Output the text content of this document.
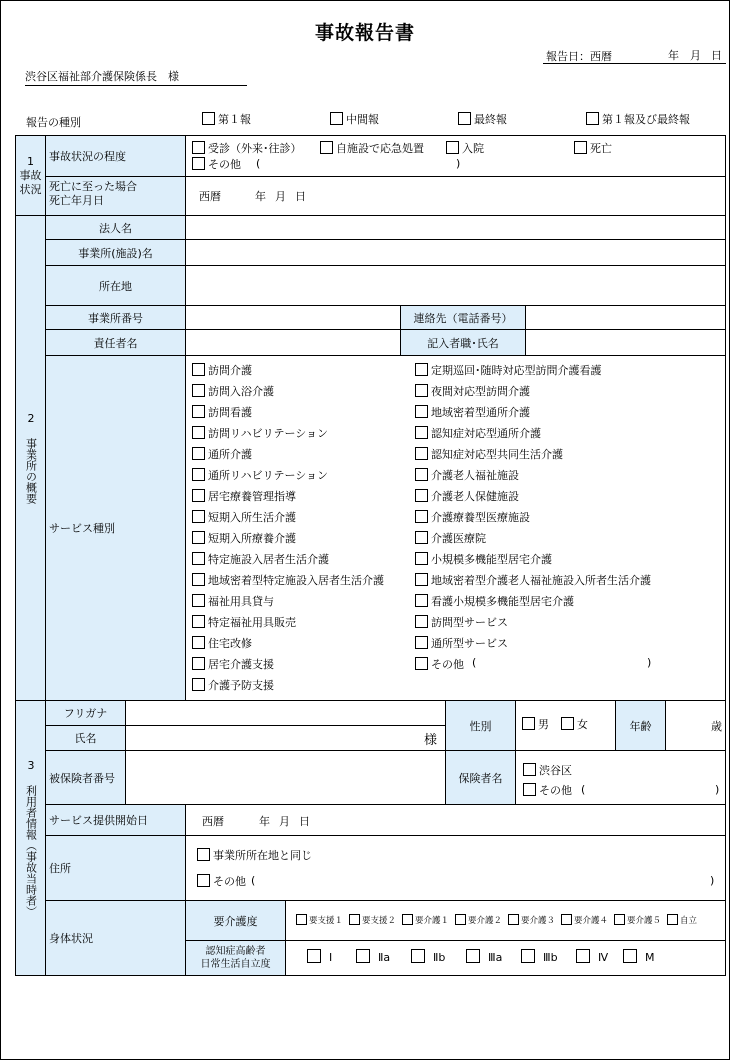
事故報告書
報告日：西暦	年 月 日
渋谷区福祉部介護保険係長　様
報告の種別	第１報	中間報	最終報	第１報及び最終報
1
事故
状況
事故状況の程度
受診（外来･往診）	自施設で応急処置	入院	死亡
その他 (	)
死亡に至った場合
死亡年月日	西暦	年 月 日
2 事業所の概要
法人名
事業所(施設)名
所在地
事業所番号	連絡先（電話番号）
責任者名	記入者職･氏名
サービス種別
訪問介護
訪問入浴介護
訪問看護
訪問リハビリテーション
通所介護
通所リハビリテーション
居宅療養管理指導
短期入所生活介護
短期入所療養介護
特定施設入居者生活介護
地域密着型特定施設入居者生活介護
福祉用具貸与
特定福祉用具販売
住宅改修
居宅介護支援
介護予防支援
定期巡回･随時対応型訪問介護看護
夜間対応型訪問介護
地域密着型通所介護
認知症対応型通所介護
認知症対応型共同生活介護
介護老人福祉施設
介護老人保健施設
介護療養型医療施設
介護医療院
小規模多機能型居宅介護
地域密着型介護老人福祉施設入所者生活介護
看護小規模多機能型居宅介護
訪問型サービス
通所型サービス
その他 (	)
3 利用者情報（事故当時者）
フリガナ
氏名	様
性別	男	女	年齢	歳
被保険者番号	保険者名
渋谷区
その他 (	)
サービス提供開始日	西暦	年 月 日
住所
事業所所在地と同じ
その他 (	)
身体状況
要介護度	要支援１	要支援２	要介護１	要介護２	要介護３	要介護４	要介護５	自立
認知症高齢者
日常生活自立度
Ⅰ	Ⅱa	Ⅱb	Ⅲa	Ⅲb	Ⅳ	M
